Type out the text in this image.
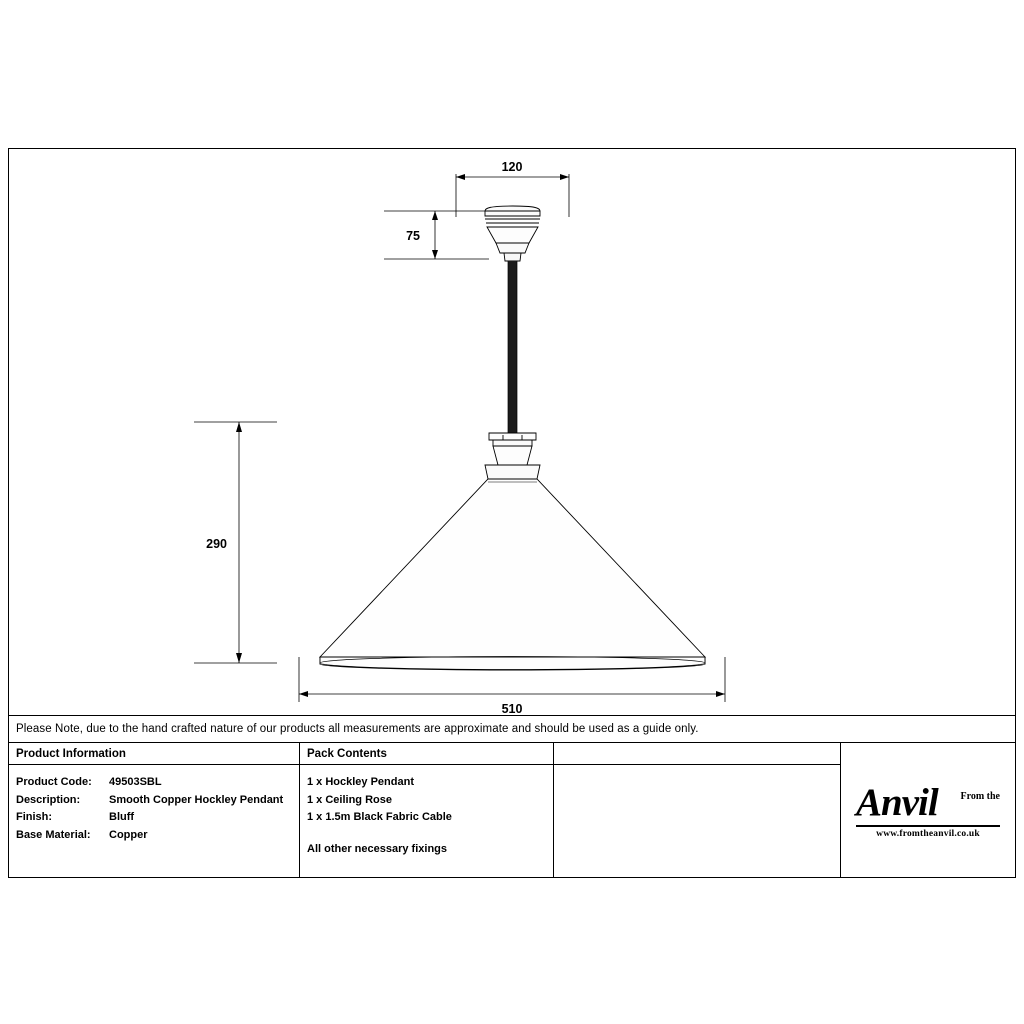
120
75
290
510
Please Note, due to the hand crafted nature of our products all measurements are approximate and should be used as a guide only.
Product Information
Product Code:	49503SBL
Description:	Smooth Copper Hockley Pendant
Finish:	Bluff
Base Material:	Copper
Pack Contents
1 x Hockley Pendant
1 x Ceiling Rose
1 x 1.5m Black Fabric Cable
All other necessary fixings
From the
Anvil
www.fromtheanvil.co.uk
